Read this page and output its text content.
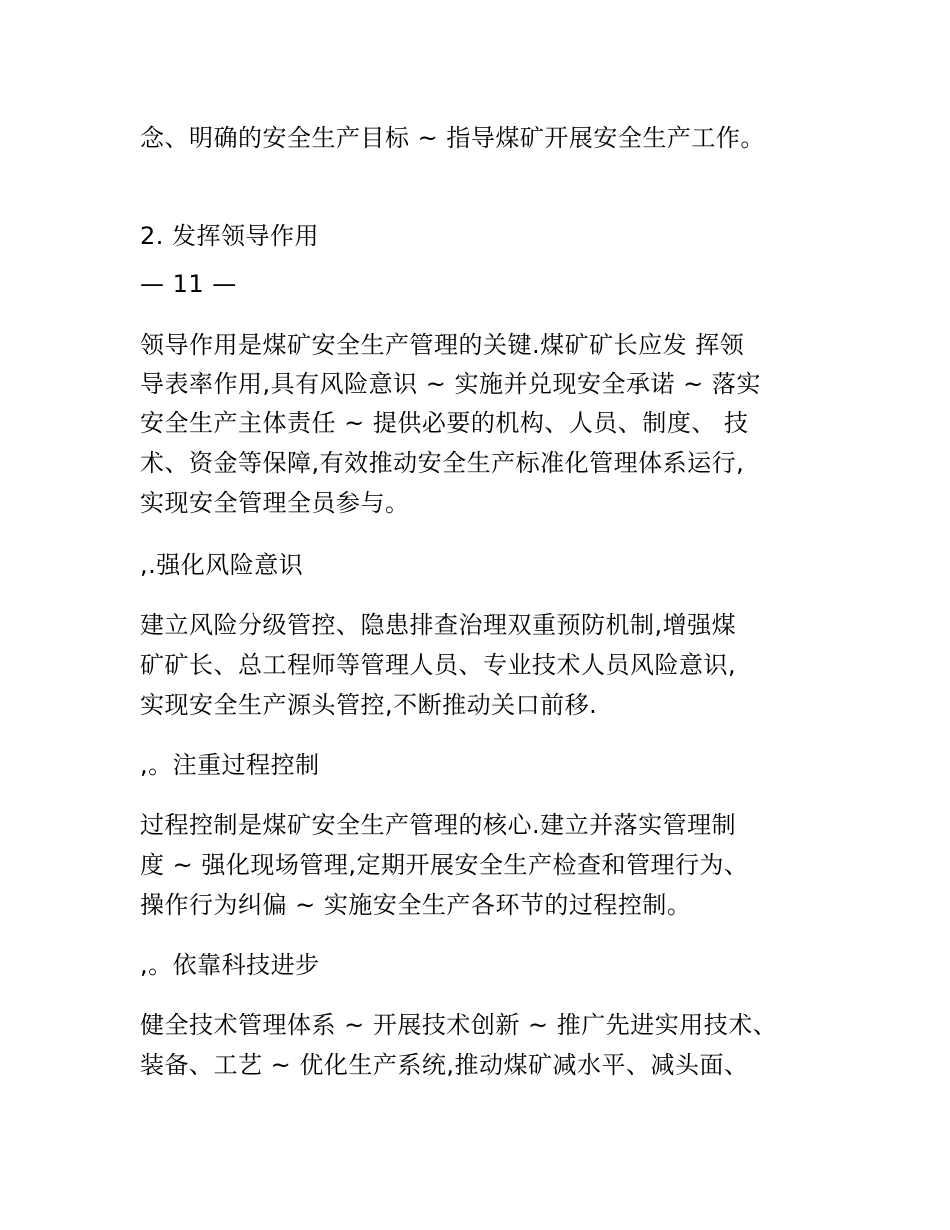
念、明确的安全生产目标 ~ 指导煤矿开展安全生产工作。
2. 发挥领导作用
— 11 —
领导作用是煤矿安全生产管理的关键.煤矿矿长应发 挥领
导表率作用,具有风险意识 ~ 实施并兑现安全承诺 ~ 落实
安全生产主体责任 ~ 提供必要的机构、人员、制度、 技
术、资金等保障,有效推动安全生产标准化管理体系运行,
实现安全管理全员参与。
,.强化风险意识
建立风险分级管控、隐患排查治理双重预防机制,增强煤
矿矿长、总工程师等管理人员、专业技术人员风险意识,
实现安全生产源头管控,不断推动关口前移.
,。注重过程控制
过程控制是煤矿安全生产管理的核心.建立并落实管理制
度 ~ 强化现场管理,定期开展安全生产检查和管理行为、
操作行为纠偏 ~ 实施安全生产各环节的过程控制。
,。依靠科技进步
健全技术管理体系 ~ 开展技术创新 ~ 推广先进实用技术、
装备、工艺 ~ 优化生产系统,推动煤矿减水平、减头面、
